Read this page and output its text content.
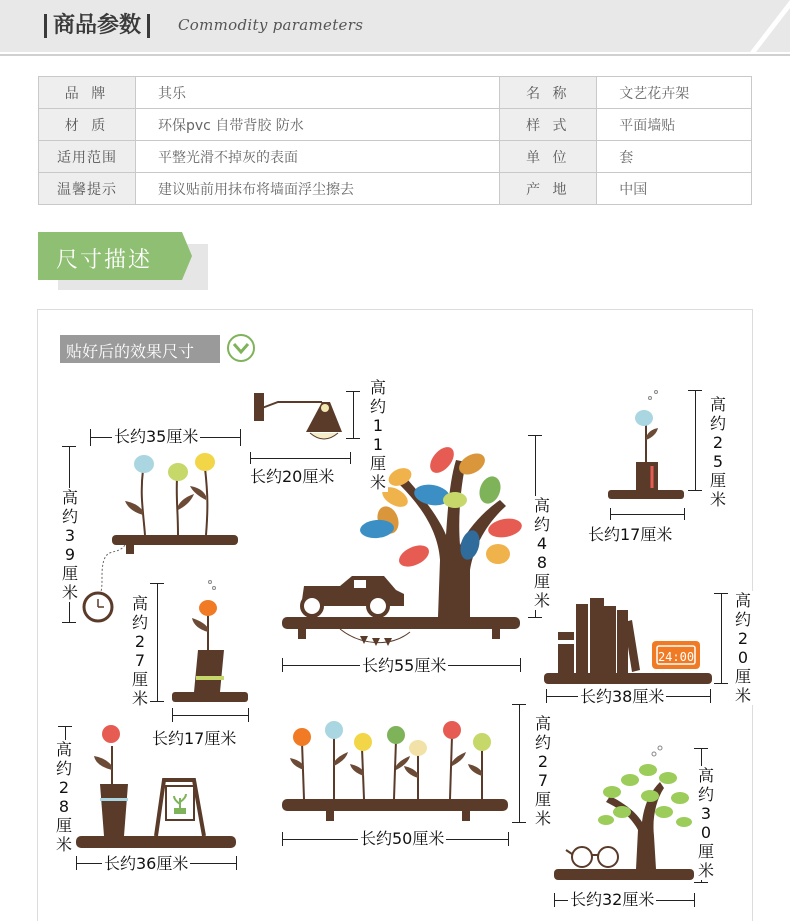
商品参数	Commodity parameters
品 牌	其乐	名 称	文艺花卉架
材 质	环保pvc 自带背胶 防水	样 式	平面墙贴
适用范围	平整光滑不掉灰的表面	单 位	套
温馨提示	建议贴前用抹布将墙面浮尘擦去	产 地	中国
尺寸描述
贴好后的效果尺寸
24:00
长约35厘米
高约39厘米
长约20厘米
高约11厘米
高约48厘米
长约55厘米
高约25厘米
长约17厘米
高约27厘米
长约17厘米
高约20厘米
长约38厘米
高约28厘米
长约36厘米
高约27厘米
长约50厘米
高约30厘米
长约32厘米
